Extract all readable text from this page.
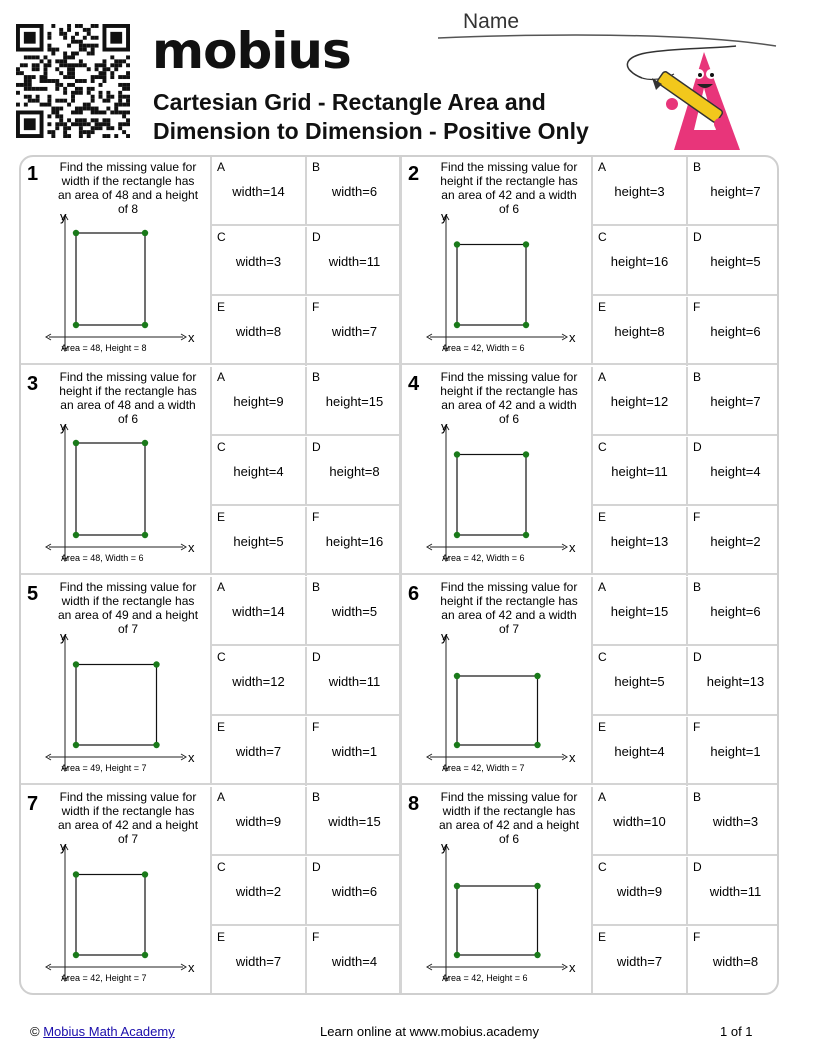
mobius
Cartesian Grid - Rectangle Area and
Dimension to Dimension - Positive Only
Name
x
y
Area = 48, Height = 8
1 Find the missing value for width if the rectangle has an area of 48 and a height of 8
A
width=14
B
width=6
C
width=3
D
width=11
E
width=8
F
width=7	x
y
Area = 42, Width = 6
2 Find the missing value for height if the rectangle has an area of 42 and a width of 6
A
height=3
B
height=7
C
height=16
D
height=5
E
height=8
F
height=6
x
y
Area = 48, Width = 6
3 Find the missing value for height if the rectangle has an area of 48 and a width of 6
A
height=9
B
height=15
C
height=4
D
height=8
E
height=5
F
height=16	x
y
Area = 42, Width = 6
4 Find the missing value for height if the rectangle has an area of 42 and a width of 6
A
height=12
B
height=7
C
height=11
D
height=4
E
height=13
F
height=2
x
y
Area = 49, Height = 7
5 Find the missing value for width if the rectangle has an area of 49 and a height of 7
A
width=14
B
width=5
C
width=12
D
width=11
E
width=7
F
width=1	x
y
Area = 42, Width = 7
6 Find the missing value for height if the rectangle has an area of 42 and a width of 7
A
height=15
B
height=6
C
height=5
D
height=13
E
height=4
F
height=1
x
y
Area = 42, Height = 7
7 Find the missing value for width if the rectangle has an area of 42 and a height of 7
A
width=9
B
width=15
C
width=2
D
width=6
E
width=7
F
width=4	x
y
Area = 42, Height = 6
8 Find the missing value for width if the rectangle has an area of 42 and a height of 6
A
width=10
B
width=3
C
width=9
D
width=11
E
width=7
F
width=8
© Mobius Math Academy	Learn online at www.mobius.academy	1 of 1
